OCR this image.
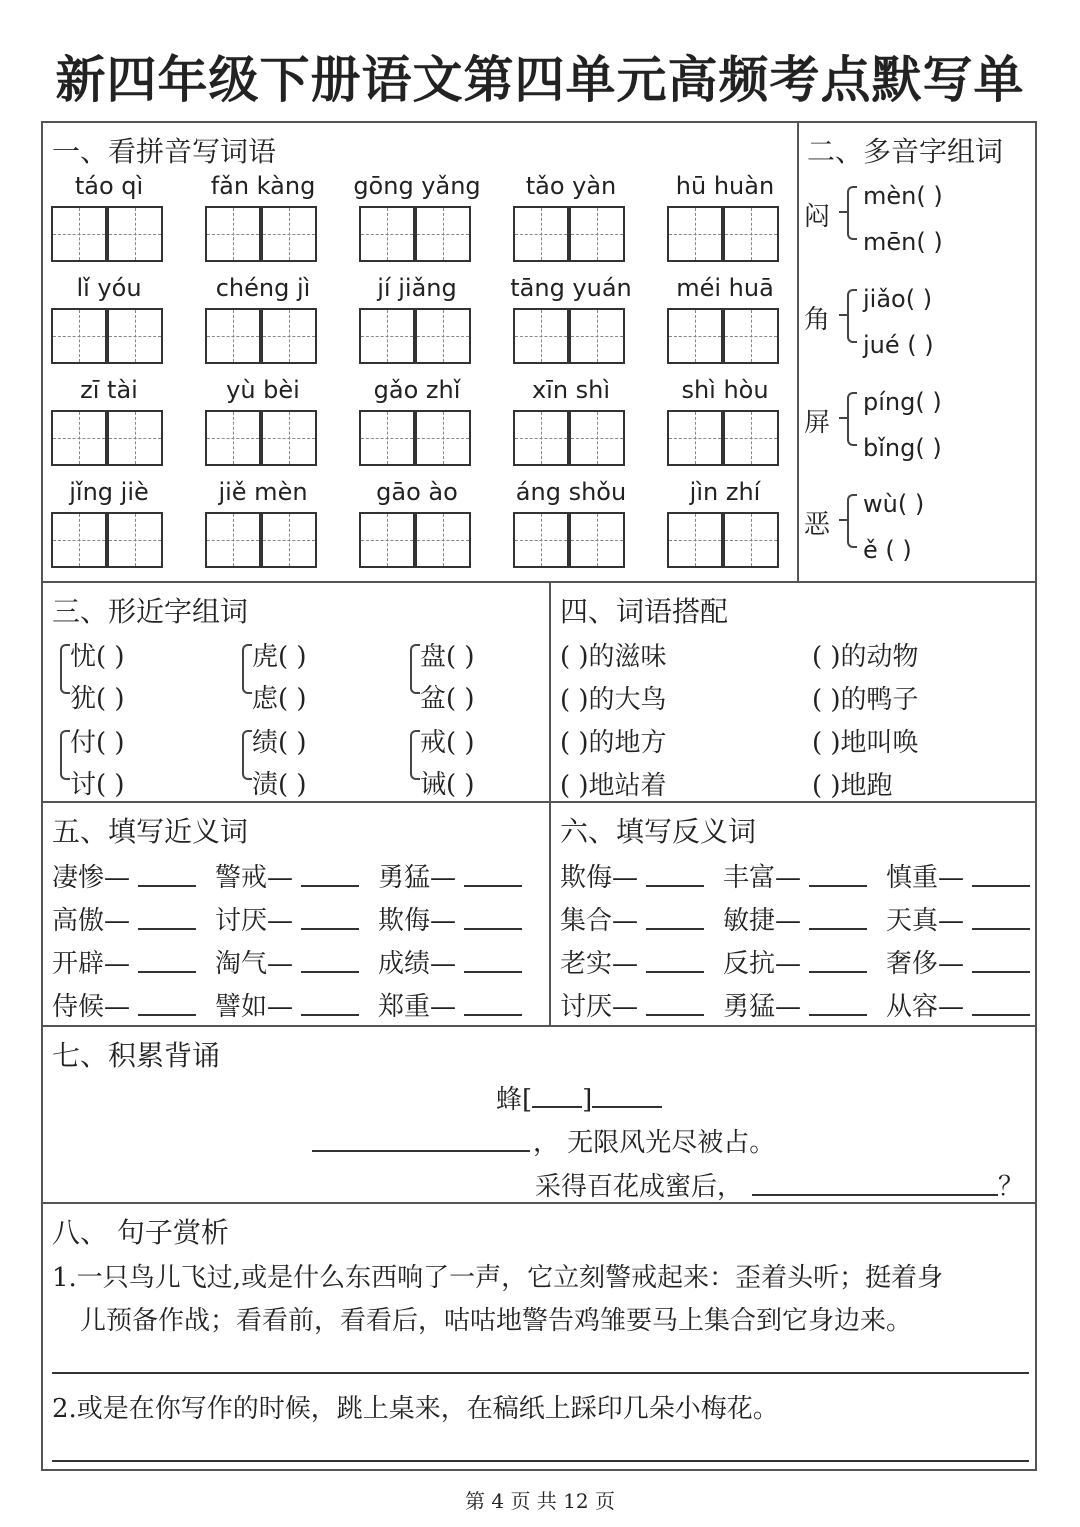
新四年级下册语文第四单元高频考点默写单
一、看拼音写词语	二、多音字组词
三、形近字组词	四、词语搭配
五、填写近义词	六、填写反义词
七、积累背诵
蜂[ ]
， 无限风光尽被占。
采得百花成蜜后，	？
八、 句子赏析
1.一只鸟儿飞过,或是什么东西响了一声，它立刻警戒起来：歪着头听；挺着身
儿预备作战；看看前，看看后，咕咕地警告鸡雏要马上集合到它身边来。
2.或是在你写作的时候，跳上桌来，在稿纸上踩印几朵小梅花。
第 4 页 共 12 页
táo qì	fǎn kàng	gōng yǎng	tǎo yàn	hū huàn
lǐ yóu	chéng jì	jí jiǎng	tāng yuán	méi huā
zī tài	yù bèi	gǎo zhǐ	xīn shì	shì hòu
jǐng jiè	jiě mèn	gāo ào	áng shǒu	jìn zhí
闷
mèn( )
mēn( )
角
jiǎo( )
jué ( )
屏
píng( )
bǐng( )
恶
wù( )
ě ( )
忧( )
犹( )
虎( )
虑( )
盘( )
盆( )
付( )
讨( )
绩( )
渍( )
戒( )
诫( )
( )的滋味	( )的动物
( )的大鸟	( )的鸭子
( )的地方	( )地叫唤
( )地站着	( )地跑
凄惨—	警戒—	勇猛—
高傲—	讨厌—	欺侮—
开辟—	淘气—	成绩—
侍候—	譬如—	郑重—
欺侮—	丰富—	慎重—
集合—	敏捷—	天真—
老实—	反抗—	奢侈—
讨厌—	勇猛—	从容—
